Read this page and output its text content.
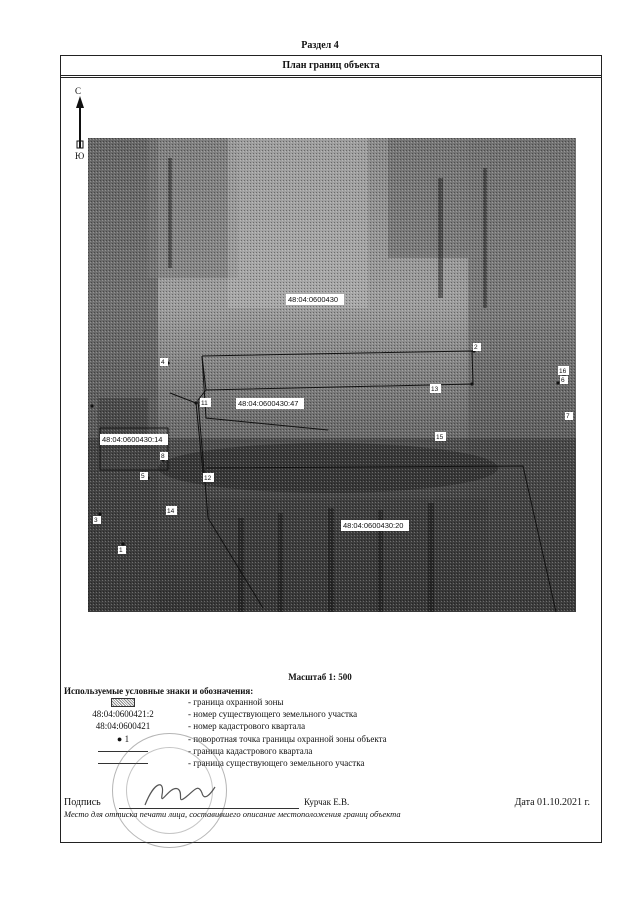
Раздел 4
План границ объекта
С
Ю
48:04:0600430
48:04:0600430:47
48:04:0600430:14
48:04:0600430:20
1
2
3
4
5
6
7
8
11
12
13
14
15
16
Масштаб 1: 500
Используемые условные знаки и обозначения:
- граница охранной зоны
48:04:0600421:2	- номер существующего земельного участка
48:04:0600421	- номер кадастрового квартала
● 1	- поворотная точка границы охранной зоны объекта
- граница кадастрового квартала
- граница существующего земельного участка
Подпись	Курчак Е.В.	Дата 01.10.2021 г.
Место для оттиска печати лица, составившего описание местоположения границ объекта
